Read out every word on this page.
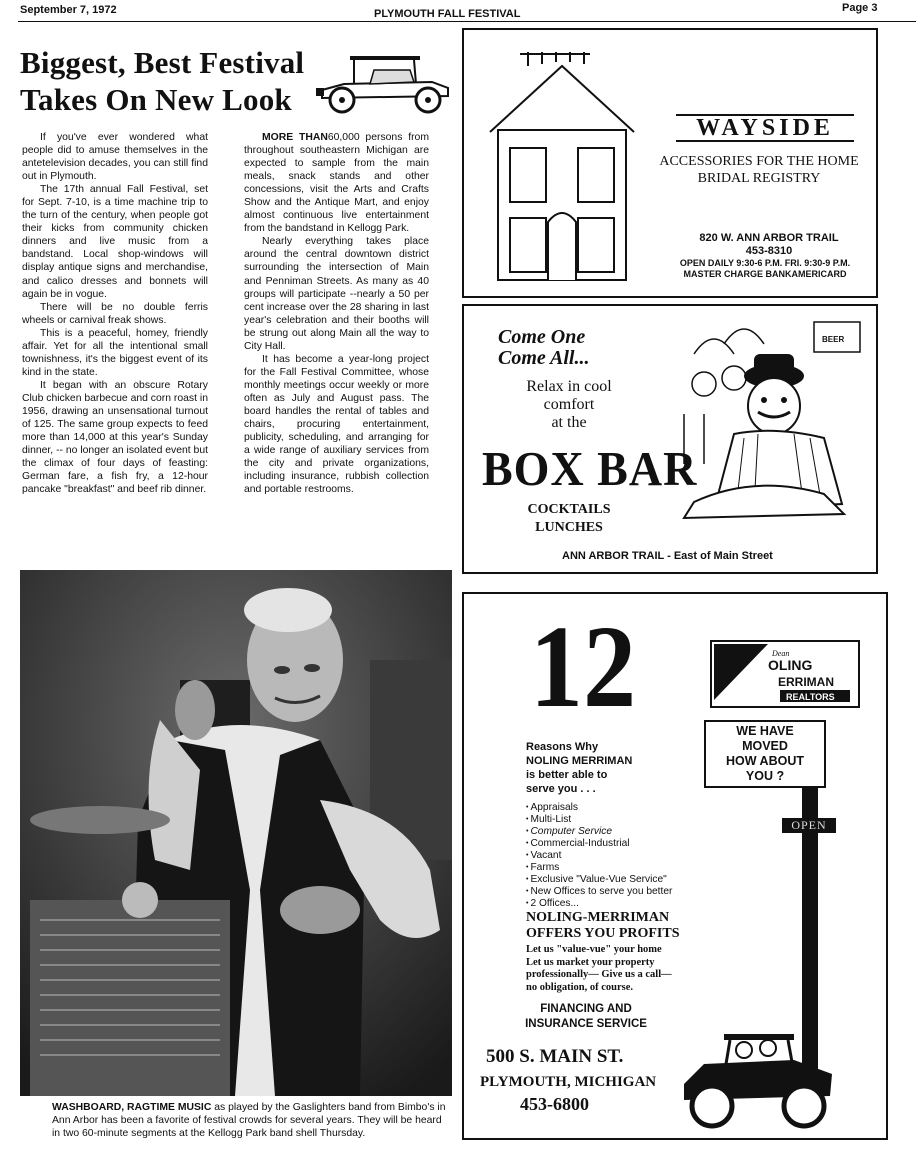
September 7, 1972	PLYMOUTH FALL FESTIVAL	Page 3
Biggest, Best Festival
Takes On New Look

If you've ever wondered what people did to amuse themselves in the antetelevision decades, you can still find out in Plymouth.

The 17th annual Fall Festival, set for Sept. 7-10, is a time machine trip to the turn of the century, when people got their kicks from community chicken dinners and live music from a bandstand. Local shop-windows will display antique signs and merchandise, and calico dresses and bonnets will again be in vogue.

There will be no double ferris wheels or carnival freak shows.

This is a peaceful, homey, friendly affair. Yet for all the intentional small townishness, it's the biggest event of its kind in the state.

It began with an obscure Rotary Club chicken barbecue and corn roast in 1956, drawing an unsensational turnout of 125. The same group expects to feed more than 14,000 at this year's Sunday dinner, -- no longer an isolated event but the climax of four days of feasting: German fare, a fish fry, a 12-hour pancake "breakfast" and beef rib dinner.

MORE THAN60,000 persons from throughout southeastern Michigan are expected to sample from the main meals, snack stands and other concessions, visit the Arts and Crafts Show and the Antique Mart, and enjoy almost continuous live entertainment from the bandstand in Kellogg Park.

Nearly everything takes place around the central downtown district surrounding the intersection of Main and Penniman Streets. As many as 40 groups will participate --nearly a 50 per cent increase over the 28 sharing in last year's celebration and their booths will be strung out along Main all the way to City Hall.

It has become a year-long project for the Fall Festival Committee, whose monthly meetings occur weekly or more often as July and August pass. The board handles the rental of tables and chairs, procuring entertainment, publicity, scheduling, and arranging for a wide range of auxiliary services from the city and private organizations, including insurance, rubbish collection and portable restrooms.

WASHBOARD, RAGTIME MUSIC as played by the Gaslighters band from Bimbo's in Ann Arbor has been a favorite of festival crowds for several years. They will be heard in two 60-minute segments at the Kellogg Park band shell Thursday.
WAYSIDE
ACCESSORIES FOR THE HOME
BRIDAL REGISTRY
820 W. ANN ARBOR TRAIL
453-8310
OPEN DAILY 9:30-6 P.M. FRI. 9:30-9 P.M.
MASTER CHARGE BANKAMERICARD
Come One
Come All...
Relax in cool
comfort
at the
BOX BAR
COCKTAILS
LUNCHES
BEER
ANN ARBOR TRAIL - East of Main Street
12
Reasons Why
NOLING MERRIMAN
is better able to
serve you . . .
• Appraisals
• Multi-List
• Computer Service
• Commercial-Industrial
• Vacant
• Farms
• Exclusive "Value-Vue Service"
• New Offices to serve you better
• 2 Offices...
NOLING-MERRIMAN
OFFERS YOU PROFITS
Let us "value-vue" your home
Let us market your property
professionally— Give us a call—
no obligation, of course.
FINANCING AND
INSURANCE SERVICE
Dean
OLING
ERRIMAN
REALTORS
WE HAVE
MOVED
HOW ABOUT
YOU ?
OPEN
500 S. MAIN ST.
PLYMOUTH, MICHIGAN
453-6800
